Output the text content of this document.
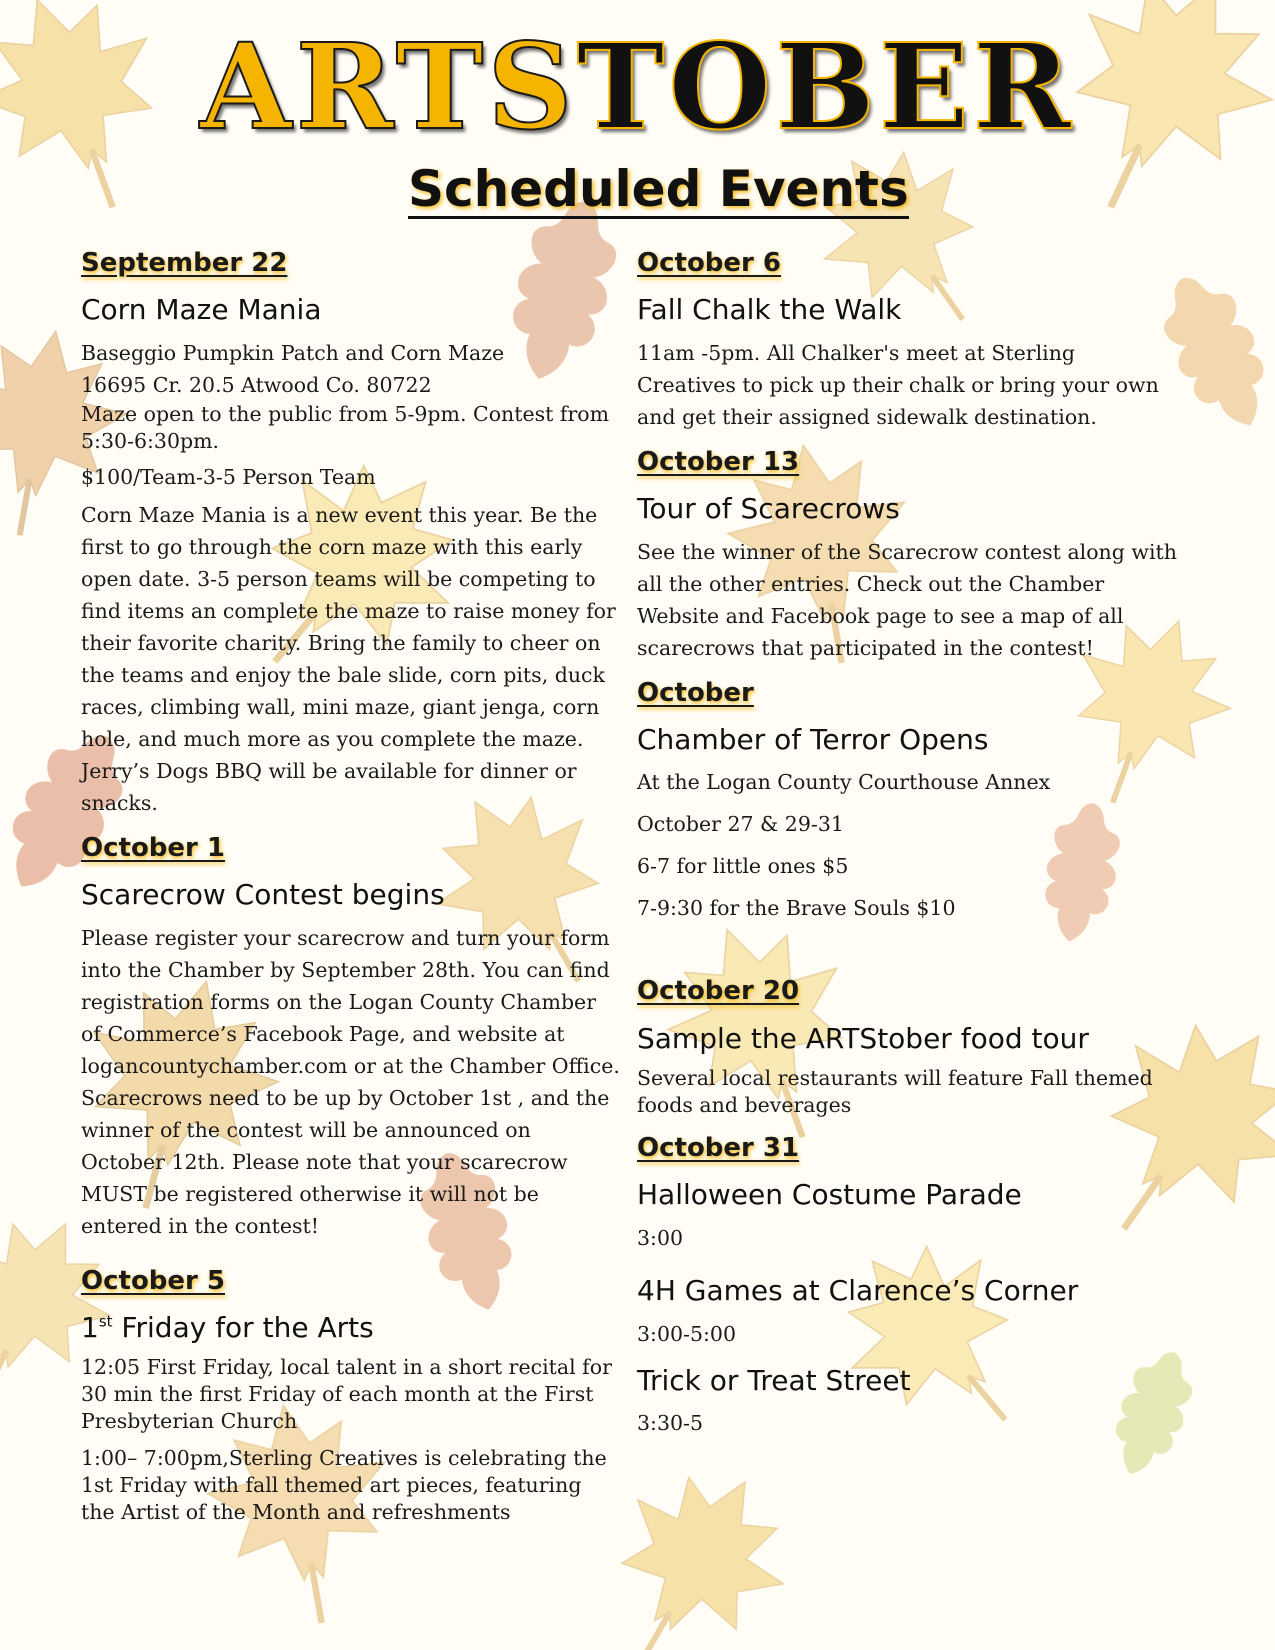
ARTSTOBER
Scheduled Events
September 22
Corn Maze Mania

Baseggio Pumpkin Patch and Corn Maze

16695 Cr. 20.5 Atwood Co. 80722

Maze open to the public from 5-9pm. Contest from 5:30-6:30pm.

$100/Team-3-5 Person Team

Corn Maze Mania is a new event this year. Be the first to go through the corn maze with this early open date. 3-5 person teams will be competing to find items an complete the maze to raise money for their favorite charity. Bring the family to cheer on the teams and enjoy the bale slide, corn pits, duck races, climbing wall, mini maze, giant jenga, corn hole, and much more as you complete the maze. Jerry’s Dogs BBQ will be available for dinner or snacks.

October 1
Scarecrow Contest begins

Please register your scarecrow and turn your form into the Chamber by September 28th. You can find registration forms on the Logan County Chamber of Commerce’s Facebook Page, and website at logancountychamber.com or at the Chamber Office. Scarecrows need to be up by October 1st , and the winner of the contest will be announced on October 12th. Please note that your scarecrow MUST be registered otherwise it will not be entered in the contest!

October 5
1st Friday for the Arts

12:05 First Friday, local talent in a short recital for 30 min the first Friday of each month at the First Presbyterian Church

1:00– 7:00pm,Sterling Creatives is celebrating the 1st Friday with fall themed art pieces, featuring the Artist of the Month and refreshments

October 6
Fall Chalk the Walk

11am -5pm. All Chalker's meet at Sterling Creatives to pick up their chalk or bring your own and get their assigned sidewalk destination.

October 13
Tour of Scarecrows

See the winner of the Scarecrow contest along with all the other entries. Check out the Chamber Website and Facebook page to see a map of all scarecrows that participated in the contest!

October
Chamber of Terror Opens

At the Logan County Courthouse Annex

October 27 & 29-31

6-7 for little ones $5

7-9:30 for the Brave Souls $10

October 20
Sample the ARTStober food tour

Several local restaurants will feature Fall themed foods and beverages

October 31
Halloween Costume Parade

3:00

4H Games at Clarence’s Corner

3:00-5:00

Trick or Treat Street

3:30-5
